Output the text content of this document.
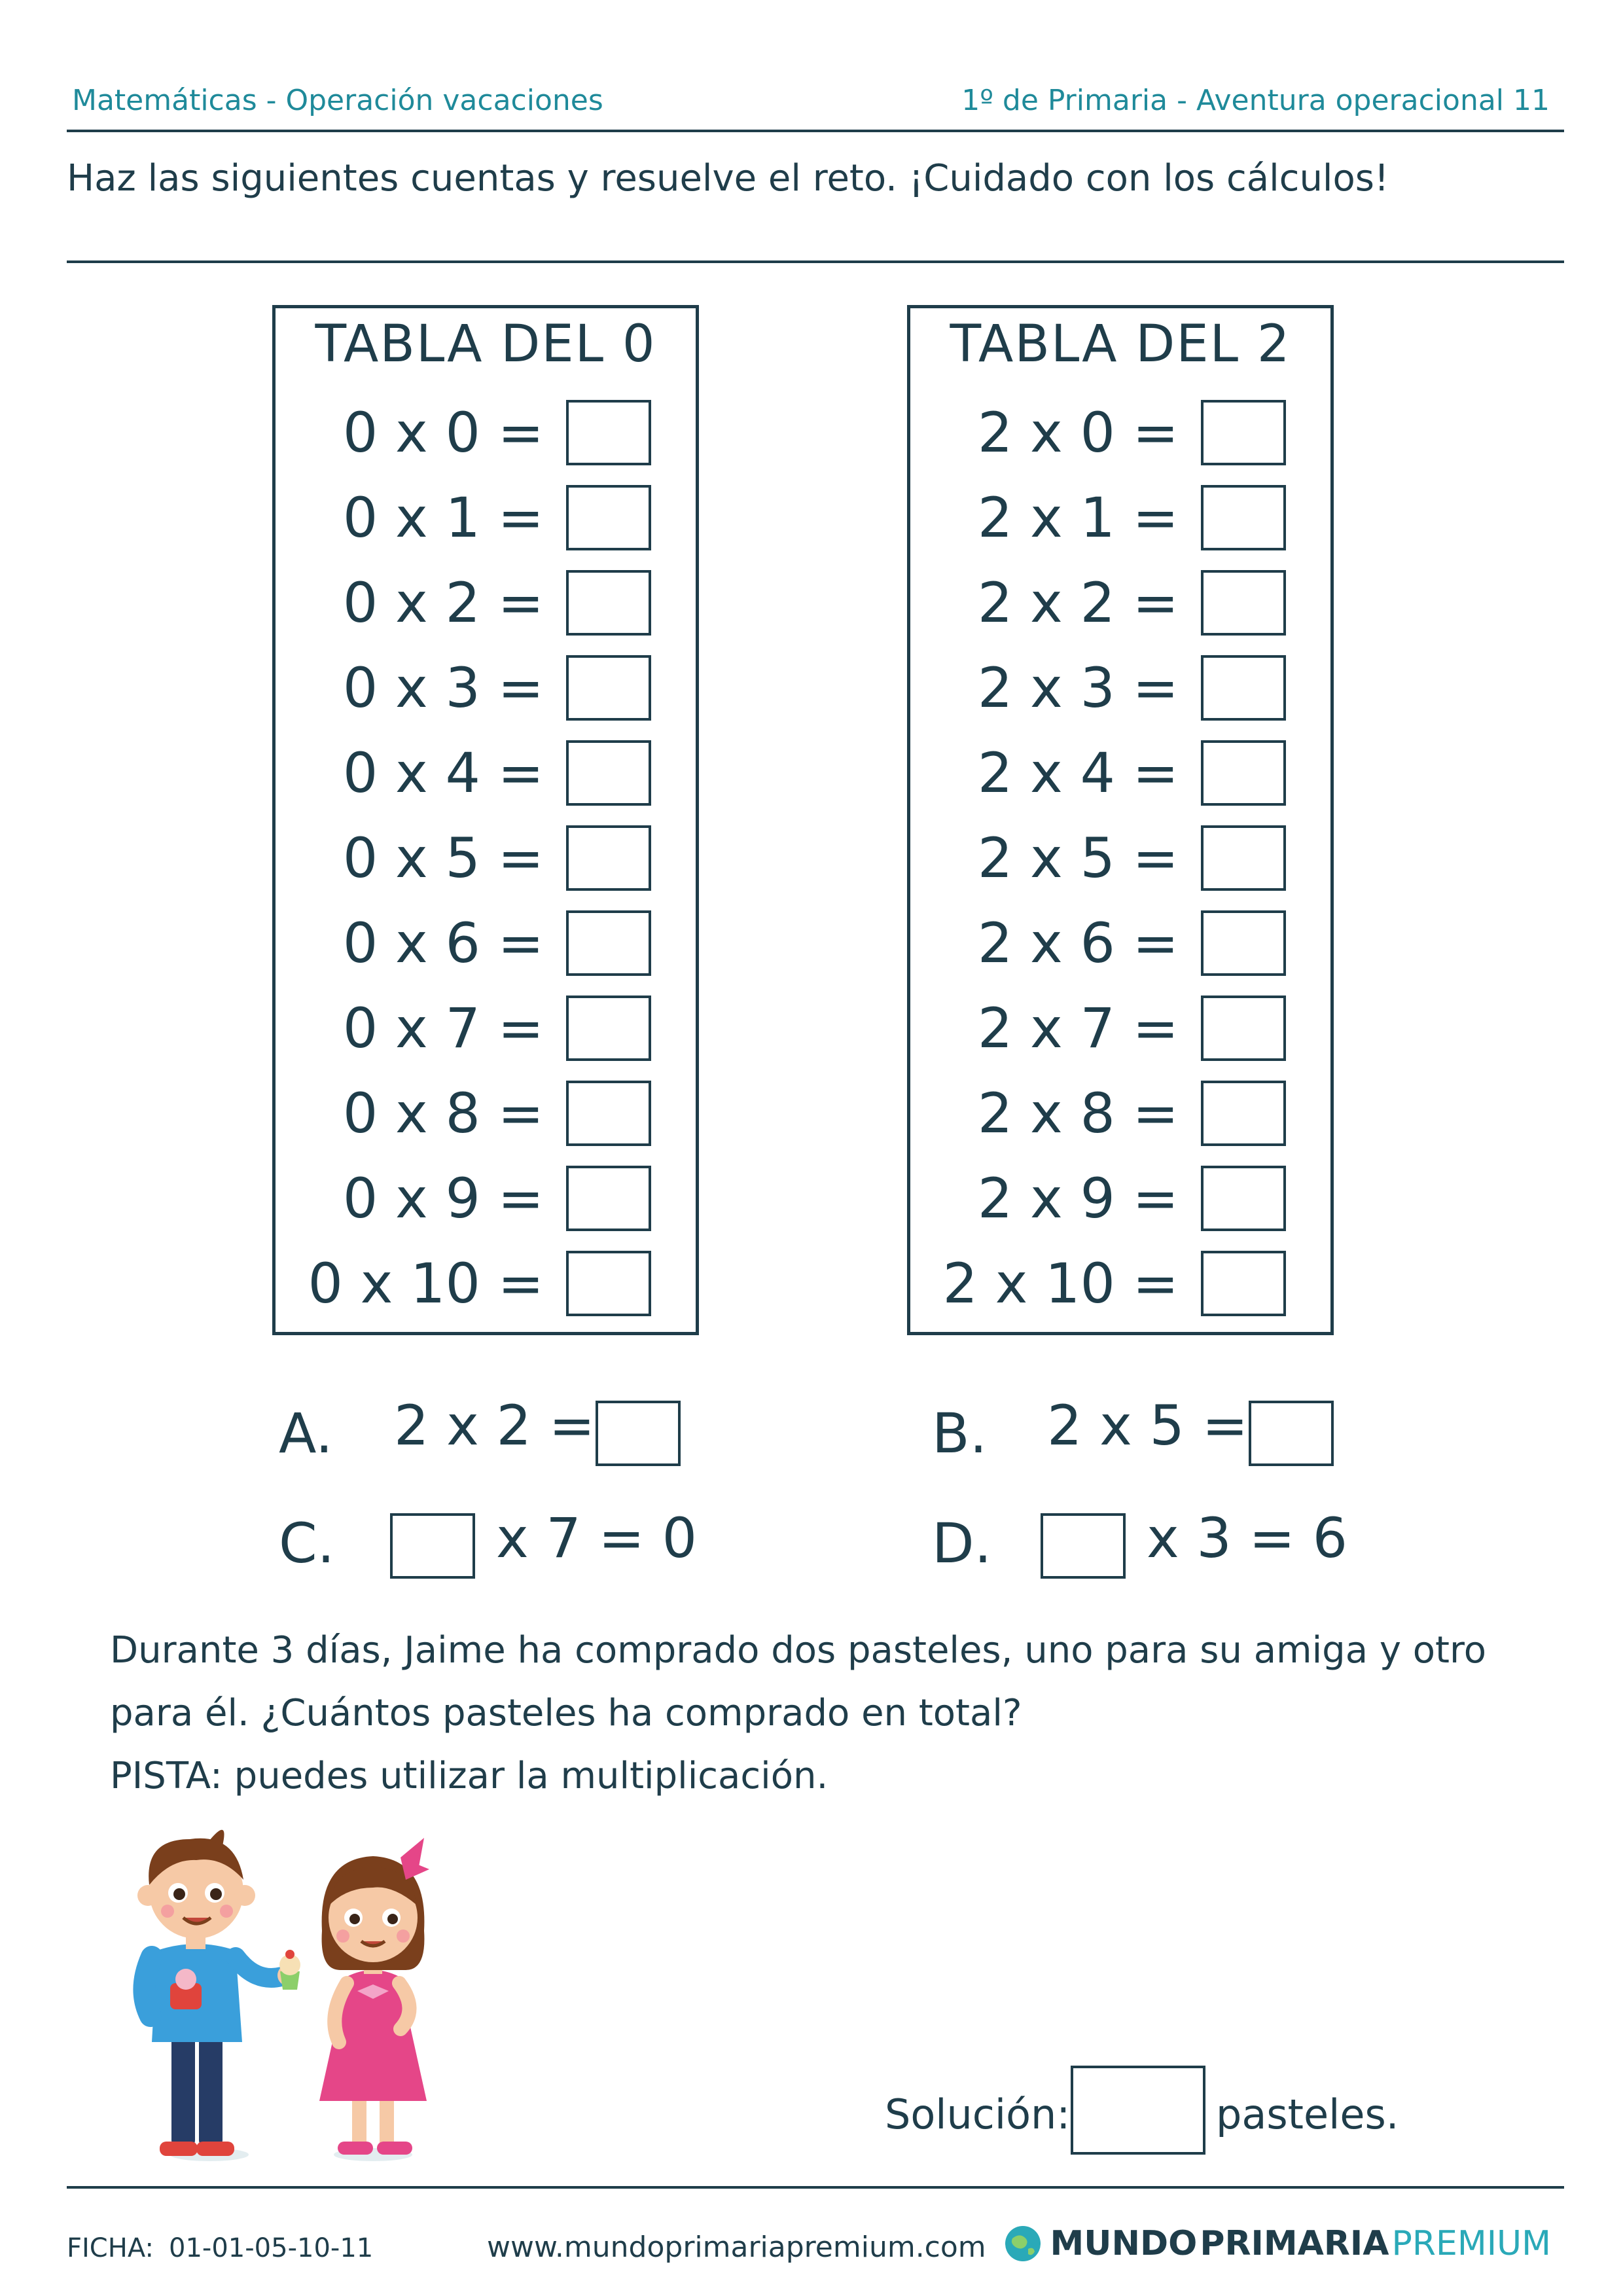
Matemáticas - Operación vacaciones	1º de Primaria - Aventura operacional 11
Haz las siguientes cuentas y resuelve el reto. ¡Cuidado con los cálculos!
TABLA DEL 0
0 x 0 =
0 x 1 =
0 x 2 =
0 x 3 =
0 x 4 =
0 x 5 =
0 x 6 =
0 x 7 =
0 x 8 =
0 x 9 =
0 x 10 =
TABLA DEL 2
2 x 0 =
2 x 1 =
2 x 2 =
2 x 3 =
2 x 4 =
2 x 5 =
2 x 6 =
2 x 7 =
2 x 8 =
2 x 9 =
2 x 10 =
A. 2 x 2 =	B. 2 x 5 =
C.	x 7 = 0	D.	x 3 = 6
Durante 3 días, Jaime ha comprado dos pasteles, uno para su amiga y otro
para él. ¿Cuántos pasteles ha comprado en total?
PISTA: puedes utilizar la multiplicación.
Solución:	pasteles.
FICHA: 01-01-05-10-11	www.mundoprimariapremium.com MUNDO PRIMARIA PREMIUM
